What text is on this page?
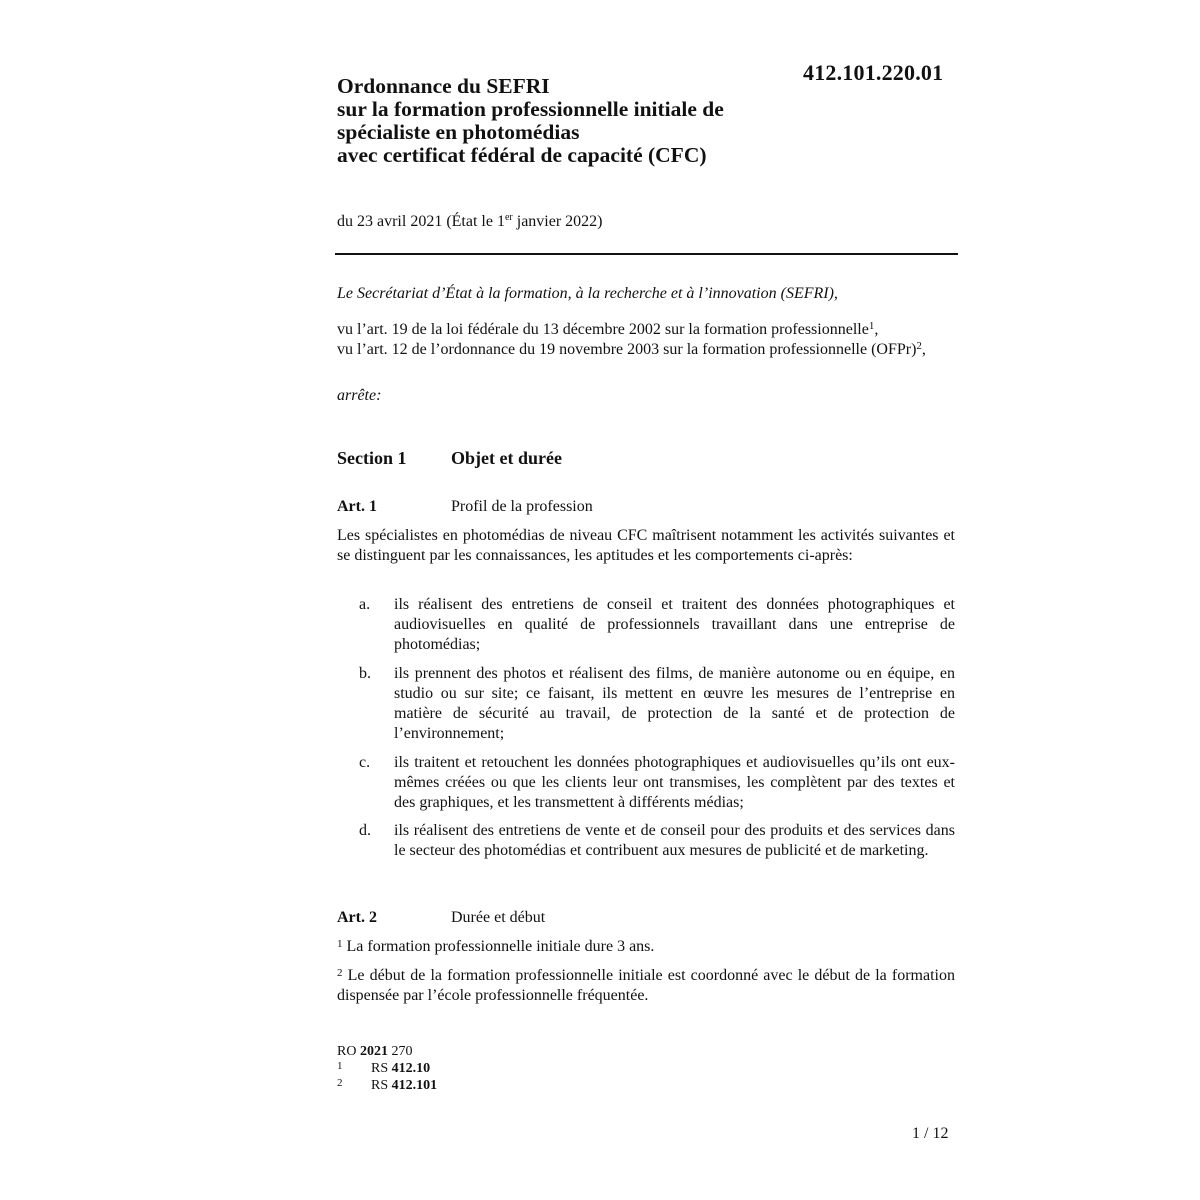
412.101.220.01
Ordonnance du SEFRI
sur la formation professionnelle initiale de
spécialiste en photomédias
avec certificat fédéral de capacité (CFC)
du 23 avril 2021 (État le 1er janvier 2022)
Le Secrétariat d’État à la formation, à la recherche et à l’innovation (SEFRI),
vu l’art. 19 de la loi fédérale du 13 décembre 2002 sur la formation professionnelle$^1$,
vu l’art. 12 de l’ordonnance du 19 novembre 2003 sur la formation professionnelle (OFPr)$^2$,
arrête:
Section 1 Objet et durée
Art. 1	Profil de la profession
Les spécialistes en photomédias de niveau CFC maîtrisent notamment les activités suivantes et se distinguent par les connaissances, les aptitudes et les comportements ci-après:
a. ils réalisent des entretiens de conseil et traitent des données photographiques et audiovisuelles en qualité de professionnels travaillant dans une entreprise de photomédias;
b. ils prennent des photos et réalisent des films, de manière autonome ou en équipe, en studio ou sur site; ce faisant, ils mettent en œuvre les mesures de l’entreprise en matière de sécurité au travail, de protection de la santé et de protection de l’environnement;
c. ils traitent et retouchent les données photographiques et audiovisuelles qu’ils ont eux-mêmes créées ou que les clients leur ont transmises, les complètent par des textes et des graphiques, et les transmettent à différents médias;
d. ils réalisent des entretiens de vente et de conseil pour des produits et des services dans le secteur des photomédias et contribuent aux mesures de publicité et de marketing.
Art. 2	Durée et début
$^1$ La formation professionnelle initiale dure 3 ans.
$^2$ Le début de la formation professionnelle initiale est coordonné avec le début de la formation dispensée par l’école professionnelle fréquentée.
RO 2021 270
1 RS 412.10
2 RS 412.101
1 / 12
